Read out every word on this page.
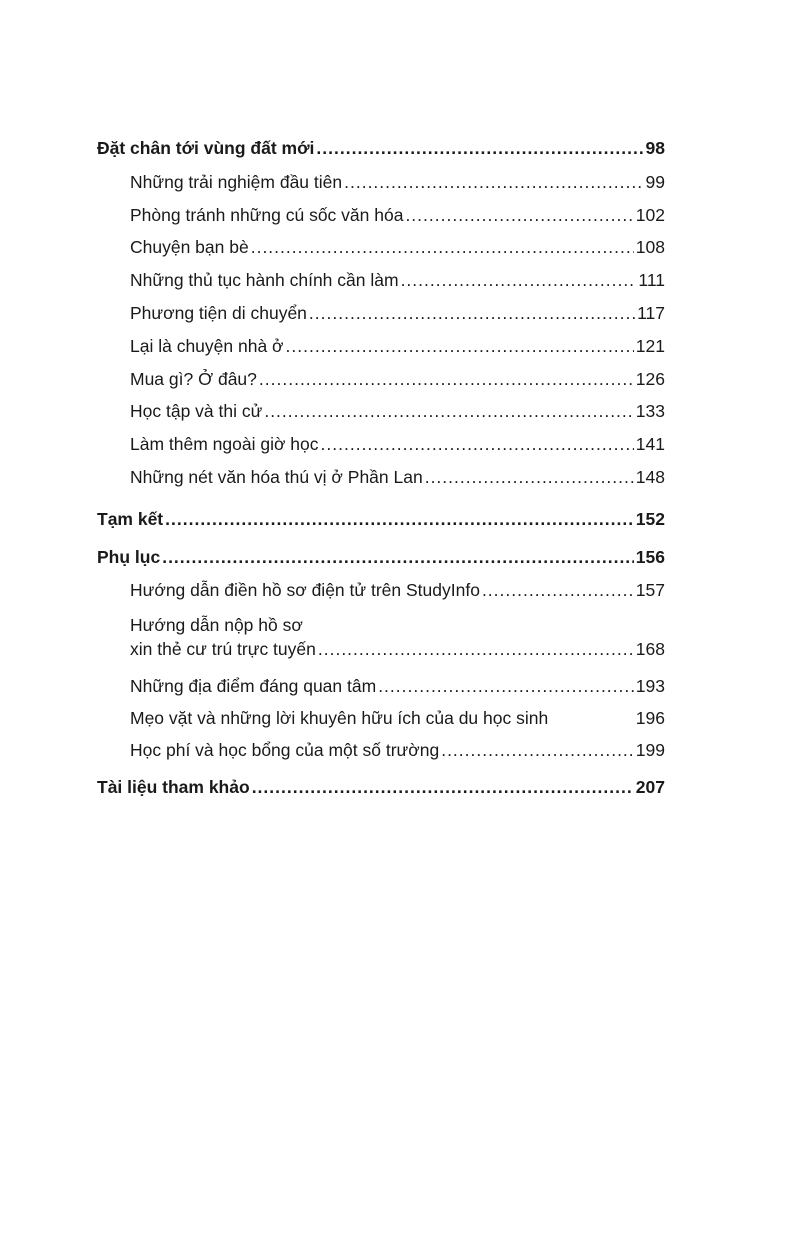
Đặt chân tới vùng đất mới .....	98
Những trải nghiệm đầu tiên .....	99
Phòng tránh những cú sốc văn hóa .....	102
Chuyện bạn bè .....	108
Những thủ tục hành chính cần làm .....	111
Phương tiện di chuyển .....	117
Lại là chuyện nhà ở .....	121
Mua gì? Ở đâu? .....	126
Học tập và thi cử .....	133
Làm thêm ngoài giờ học .....	141
Những nét văn hóa thú vị ở Phần Lan .....	148
Tạm kết .....	152
Phụ lục .....	156
Hướng dẫn điền hồ sơ điện tử trên StudyInfo .....	157
Hướng dẫn nộp hồ sơ
xin thẻ cư trú trực tuyến .....	168
Những địa điểm đáng quan tâm .....	193
Mẹo vặt và những lời khuyên hữu ích của du học sinh	196
Học phí và học bổng của một số trường .....	199
Tài liệu tham khảo .....	207
